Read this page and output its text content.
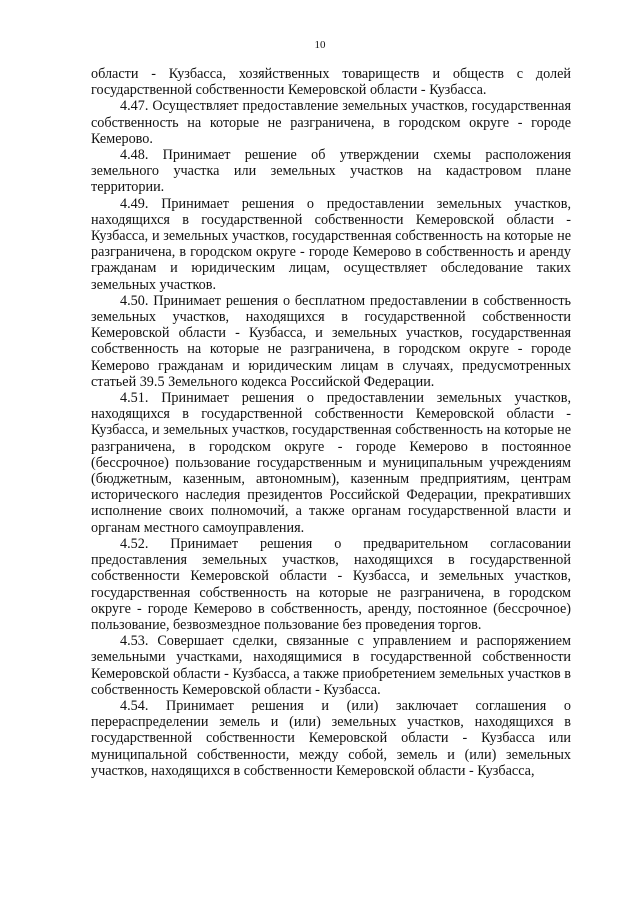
10

области - Кузбасса, хозяйственных товариществ и обществ с долей государственной собственности Кемеровской области - Кузбасса.

4.47. Осуществляет предоставление земельных участков, государственная собственность на которые не разграничена, в городском округе - городе Кемерово.

4.48. Принимает решение об утверждении схемы расположения земельного участка или земельных участков на кадастровом плане территории.

4.49. Принимает решения о предоставлении земельных участков, находящихся в государственной собственности Кемеровской области - Кузбасса, и земельных участков, государственная собственность на которые не разграничена, в городском округе - городе Кемерово в собственность и аренду гражданам и юридическим лицам, осуществляет обследование таких земельных участков.

4.50. Принимает решения о бесплатном предоставлении в собственность земельных участков, находящихся в государственной собственности Кемеровской области - Кузбасса, и земельных участков, государственная собственность на которые не разграничена, в городском округе - городе Кемерово гражданам и юридическим лицам в случаях, предусмотренных статьей 39.5 Земельного кодекса Российской Федерации.

4.51. Принимает решения о предоставлении земельных участков, находящихся в государственной собственности Кемеровской области - Кузбасса, и земельных участков, государственная собственность на которые не разграничена, в городском округе - городе Кемерово в постоянное (бессрочное) пользование государственным и муниципальным учреждениям (бюджетным, казенным, автономным), казенным предприятиям, центрам исторического наследия президентов Российской Федерации, прекративших исполнение своих полномочий, а также органам государственной власти и органам местного самоуправления.

4.52. Принимает решения о предварительном согласовании предоставления земельных участков, находящихся в государственной собственности Кемеровской области - Кузбасса, и земельных участков, государственная собственность на которые не разграничена, в городском округе - городе Кемерово в собственность, аренду, постоянное (бессрочное) пользование, безвозмездное пользование без проведения торгов.

4.53. Совершает сделки, связанные с управлением и распоряжением земельными участками, находящимися в государственной собственности Кемеровской области - Кузбасса, а также приобретением земельных участков в собственность Кемеровской области - Кузбасса.

4.54. Принимает решения и (или) заключает соглашения о перераспределении земель и (или) земельных участков, находящихся в государственной собственности Кемеровской области - Кузбасса или муниципальной собственности, между собой, земель и (или) земельных участков, находящихся в собственности Кемеровской области - Кузбасса,
